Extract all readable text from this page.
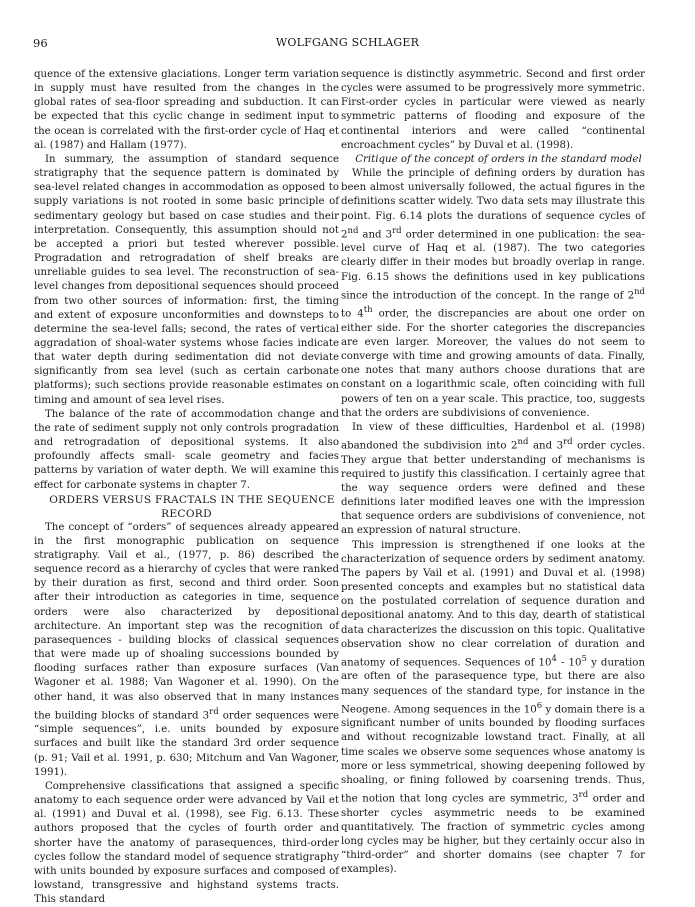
96	WOLFGANG SCHLAGER

quence of the extensive glaciations. Longer term variation in supply must have resulted from the changes in the global rates of sea-floor spreading and subduction. It can be expected that this cyclic change in sediment input to the ocean is correlated with the first-order cycle of Haq et al. (1987) and Hallam (1977).

In summary, the assumption of standard sequence stratigraphy that the sequence pattern is dominated by sea-level related changes in accommodation as opposed to supply variations is not rooted in some basic principle of sedimentary geology but based on case studies and their interpretation. Consequently, this assumption should not be accepted a priori but tested wherever possible. Progradation and retrogradation of shelf breaks are unreliable guides to sea level. The reconstruction of sea-level changes from depositional sequences should proceed from two other sources of information: first, the timing and extent of exposure unconformities and downsteps to determine the sea-level falls; second, the rates of vertical aggradation of shoal-water systems whose facies indicate that water depth during sedimentation did not deviate significantly from sea level (such as certain carbonate platforms); such sections provide reasonable estimates on timing and amount of sea level rises.

The balance of the rate of accommodation change and the rate of sediment supply not only controls progradation and retrogradation of depositional systems. It also profoundly affects small- scale geometry and facies patterns by variation of water depth. We will examine this effect for carbonate systems in chapter 7.

ORDERS VERSUS FRACTALS IN THE SEQUENCE RECORD

The concept of “orders” of sequences already appeared in the first monographic publication on sequence stratigraphy. Vail et al., (1977, p. 86) described the sequence record as a hierarchy of cycles that were ranked by their duration as first, second and third order. Soon after their introduction as categories in time, sequence orders were also characterized by depositional architecture. An important step was the recognition of parasequences - building blocks of classical sequences that were made up of shoaling successions bounded by flooding surfaces rather than exposure surfaces (Van Wagoner et al. 1988; Van Wagoner et al. 1990). On the other hand, it was also observed that in many instances the building blocks of standard 3rd order sequences were “simple sequences”, i.e. units bounded by exposure surfaces and built like the standard 3rd order sequence (p. 91; Vail et al. 1991, p. 630; Mitchum and Van Wagoner, 1991).

Comprehensive classifications that assigned a specific anatomy to each sequence order were advanced by Vail et al. (1991) and Duval et al. (1998), see Fig. 6.13. These authors proposed that the cycles of fourth order and shorter have the anatomy of parasequences, third-order cycles follow the standard model of sequence stratigraphy with units bounded by exposure surfaces and composed of lowstand, transgressive and highstand systems tracts. This standard

sequence is distinctly asymmetric. Second and first order cycles were assumed to be progressively more symmetric. First-order cycles in particular were viewed as nearly symmetric patterns of flooding and exposure of the continental interiors and were called “continental encroachment cycles” by Duval et al. (1998).

Critique of the concept of orders in the standard model

While the principle of defining orders by duration has been almost universally followed, the actual figures in the definitions scatter widely. Two data sets may illustrate this point. Fig. 6.14 plots the durations of sequence cycles of 2nd and 3rd order determined in one publication: the sea-level curve of Haq et al. (1987). The two categories clearly differ in their modes but broadly overlap in range. Fig. 6.15 shows the definitions used in key publications since the introduction of the concept. In the range of 2nd to 4th order, the discrepancies are about one order on either side. For the shorter categories the discrepancies are even larger. Moreover, the values do not seem to converge with time and growing amounts of data. Finally, one notes that many authors choose durations that are constant on a logarithmic scale, often coinciding with full powers of ten on a year scale. This practice, too, suggests that the orders are subdivisions of convenience.

In view of these difficulties, Hardenbol et al. (1998) abandoned the subdivision into 2nd and 3rd order cycles. They argue that better understanding of mechanisms is required to justify this classification. I certainly agree that the way sequence orders were defined and these definitions later modified leaves one with the impression that sequence orders are subdivisions of convenience, not an expression of natural structure.

This impression is strengthened if one looks at the characterization of sequence orders by sediment anatomy. The papers by Vail et al. (1991) and Duval et al. (1998) presented concepts and examples but no statistical data on the postulated correlation of sequence duration and depositional anatomy. And to this day, dearth of statistical data characterizes the discussion on this topic. Qualitative observation show no clear correlation of duration and anatomy of sequences. Sequences of $10^4 - 10^5$ y duration are often of the parasequence type, but there are also many sequences of the standard type, for instance in the Neogene. Among sequences in the $10^6$ y domain there is a significant number of units bounded by flooding surfaces and without recognizable lowstand tract. Finally, at all time scales we observe some sequences whose anatomy is more or less symmetrical, showing deepening followed by shoaling, or fining followed by coarsening trends. Thus, the notion that long cycles are symmetric, 3rd order and shorter cycles asymmetric needs to be examined quantitatively. The fraction of symmetric cycles among long cycles may be higher, but they certainly occur also in “third-order” and shorter domains (see chapter 7 for examples).
